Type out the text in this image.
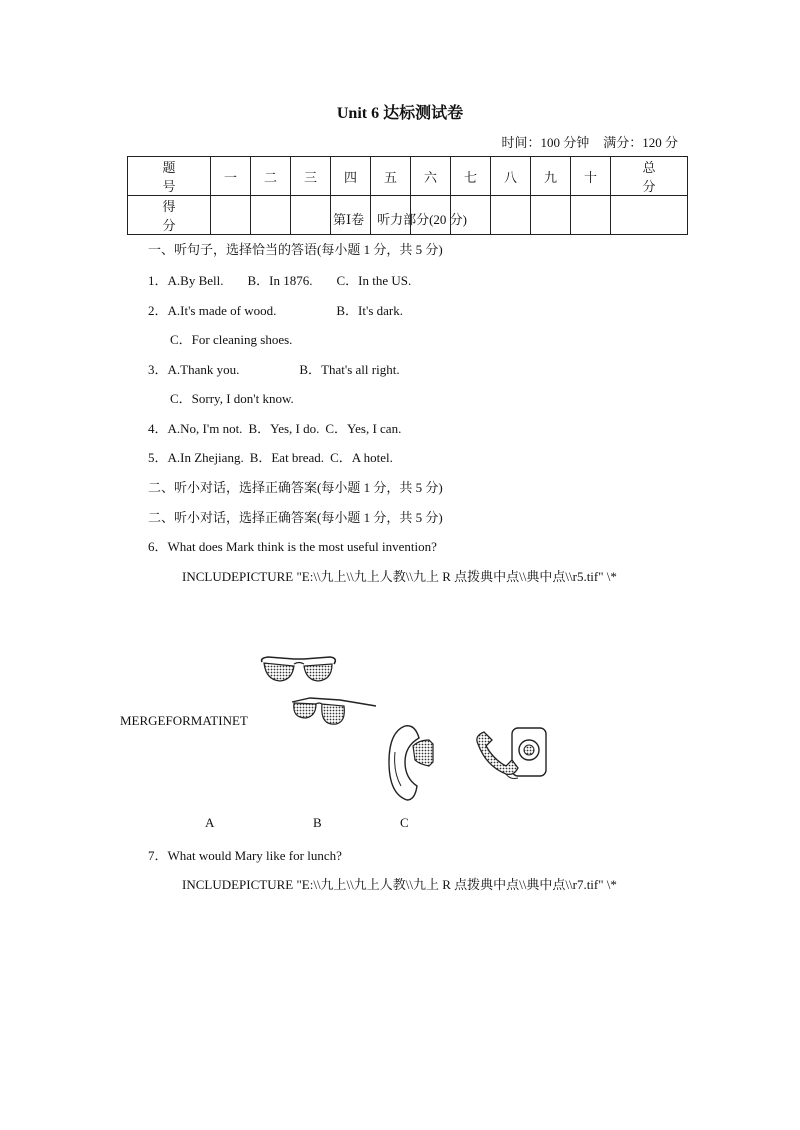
Unit 6 达标测试卷
时间：100 分钟 满分：120 分
题　号	一	二	三	四	五	六	七	八	九	十	总　分
得　分												第Ⅰ卷　听力部分(20 分)
一、听句子，选择恰当的答语(每小题 1 分，共 5 分)
1．A.By Bell. B．In 1876. C．In the US.
2．A.It's made of wood.	B．It's dark.
C．For cleaning shoes.
3．A.Thank you.	B．That's all right.
C．Sorry, I don't know.
4．A.No, I'm not. B．Yes, I do. C．Yes, I can.
5．A.In Zhejiang. B．Eat bread. C．A hotel.
二、听小对话，选择正确答案(每小题 1 分，共 5 分)
二、听小对话，选择正确答案(每小题 1 分，共 5 分)
6．What does Mark think is the most useful invention?
INCLUDEPICTURE "E:\\九上\\九上人教\\九上 R 点拨典中点\\典中点\\r5.tif" \*
MERGEFORMATINET
A	B	C
7．What would Mary like for lunch?
INCLUDEPICTURE "E:\\九上\\九上人教\\九上 R 点拨典中点\\典中点\\r7.tif" \*
